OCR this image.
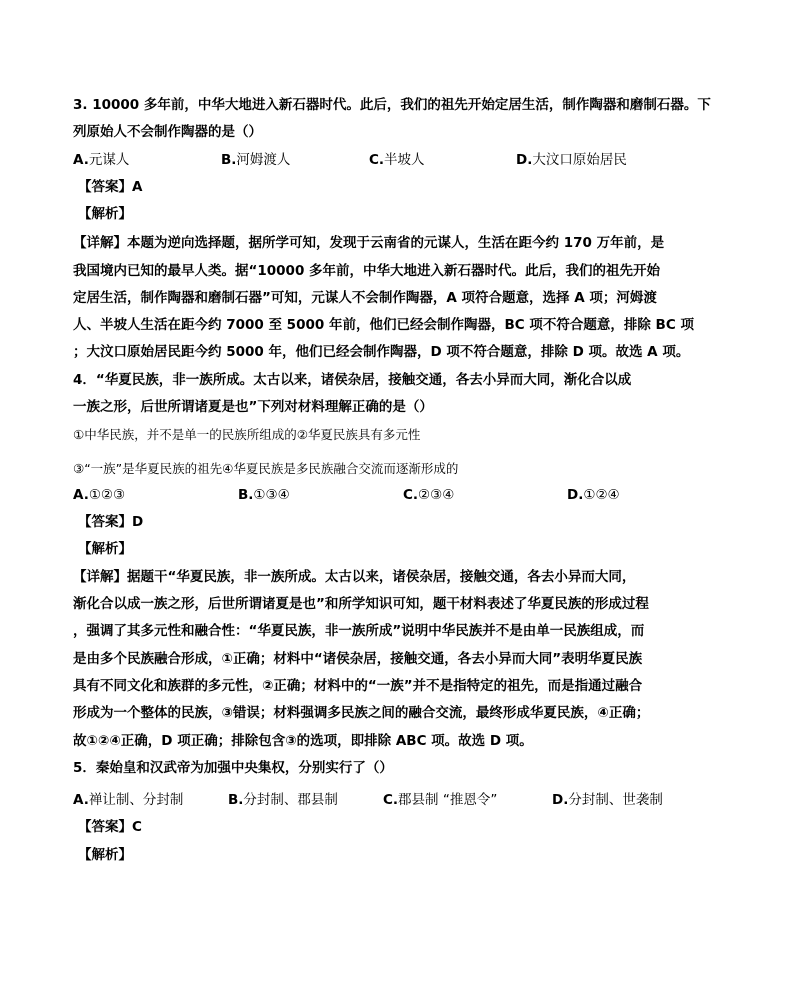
3. 10000 多年前，中华大地进入新石器时代。此后，我们的祖先开始定居生活，制作陶器和磨制石器。下
列原始人不会制作陶器的是（）
A.元谋人	B.河姆渡人	C.半坡人	D.大汶口原始居民
【答案】A
【解析】
【详解】本题为逆向选择题，据所学可知，发现于云南省的元谋人，生活在距今约 170 万年前，是
我国境内已知的最早人类。据“10000 多年前，中华大地进入新石器时代。此后，我们的祖先开始
定居生活，制作陶器和磨制石器”可知，元谋人不会制作陶器，A 项符合题意，选择 A 项；河姆渡
人、半坡人生活在距今约 7000 至 5000 年前，他们已经会制作陶器，BC 项不符合题意，排除 BC 项
；大汶口原始居民距今约 5000 年，他们已经会制作陶器，D 项不符合题意，排除 D 项。故选 A 项。
4．“华夏民族，非一族所成。太古以来，诸侯杂居，接触交通，各去小异而大同，渐化合以成
一族之形，后世所谓诸夏是也”下列对材料理解正确的是（）
①中华民族，并不是单一的民族所组成的②华夏民族具有多元性
③“一族”是华夏民族的祖先④华夏民族是多民族融合交流而逐渐形成的
A.①②③	B.①③④	C.②③④	D.①②④
【答案】D
【解析】
【详解】据题干“华夏民族，非一族所成。太古以来，诸侯杂居，接触交通，各去小异而大同，
渐化合以成一族之形，后世所谓诸夏是也”和所学知识可知，题干材料表述了华夏民族的形成过程
，强调了其多元性和融合性：“华夏民族，非一族所成”说明中华民族并不是由单一民族组成，而
是由多个民族融合形成，①正确；材料中“诸侯杂居，接触交通，各去小异而大同”表明华夏民族
具有不同文化和族群的多元性，②正确；材料中的“一族”并不是指特定的祖先，而是指通过融合
形成为一个整体的民族，③错误；材料强调多民族之间的融合交流，最终形成华夏民族，④正确；
故①②④正确，D 项正确；排除包含③的选项，即排除 ABC 项。故选 D 项。
5．秦始皇和汉武帝为加强中央集权，分别实行了（）
A.禅让制、分封制	B.分封制、郡县制	C.郡县制 “推恩令”	D.分封制、世袭制
【答案】C
【解析】
